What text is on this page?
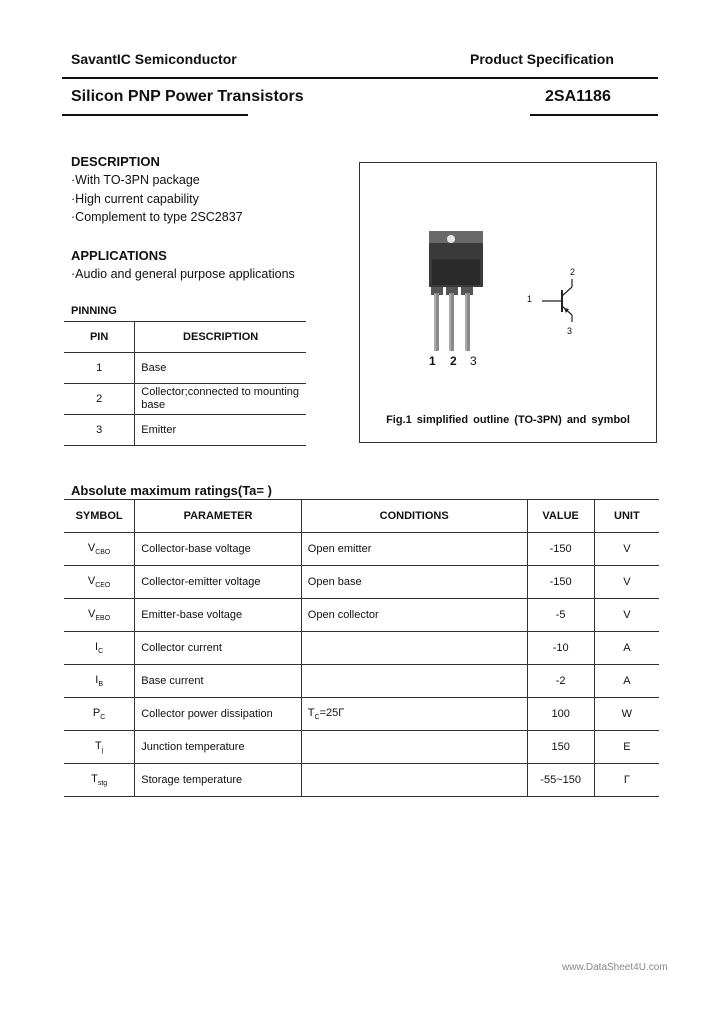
SavantIC Semiconductor	Product Specification
Silicon PNP Power Transistors	2SA1186
DESCRIPTION
·With TO-3PN package
·High current capability
·Complement to type 2SC2837
APPLICATIONS
·Audio and general purpose applications
PINNING
PIN	DESCRIPTION
1	Base
2	Collector;connected to mounting base
3	Emitter
1 2 3
1
2
3
Fig.1 simplified outline (TO-3PN) and symbol
Absolute maximum ratings(Ta= )
SYMBOL	PARAMETER	CONDITIONS	VALUE	UNIT
$V_{CBO}$	Collector-base voltage	Open emitter	-150	V
$V_{CEO}$	Collector-emitter voltage	Open base	-150	V
$V_{EBO}$	Emitter-base voltage	Open collector	-5	V
$I_C$	Collector current		-10	A
$I_B$	Base current		-2	A
$P_C$	Collector power dissipation	$T_C=25\Gamma$	100	W
$T_j$	Junction temperature		150	Ε
$T_{stg}$	Storage temperature		-55~150	Γ
www.DataSheet4U.com
